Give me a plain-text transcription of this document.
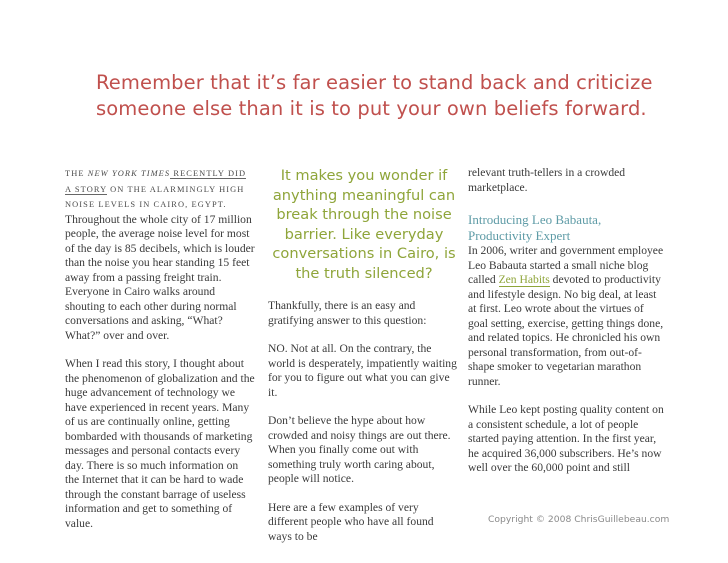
Remember that it’s far easier to stand back and criticize someone else than it is to put your own beliefs forward.

THE NEW YORK TIMES RECENTLY DID A STORY ON THE ALARMINGLY HIGH NOISE LEVELS IN CAIRO, EGYPT. Throughout the whole city of 17 million people, the average noise level for most of the day is 85 decibels, which is louder than the noise you hear standing 15 feet away from a passing freight train. Everyone in Cairo walks around shouting to each other during normal conversations and asking, “What? What?” over and over.

When I read this story, I thought about the phenomenon of globalization and the huge advancement of technology we have experienced in recent years. Many of us are continually online, getting bombarded with thousands of marketing messages and personal contacts every day. There is so much information on the Internet that it can be hard to wade through the constant barrage of useless information and get to something of value.

It makes you wonder if anything meaningful can break through the noise barrier. Like everyday conversations in Cairo, is the truth silenced?

Thankfully, there is an easy and gratifying answer to this question:

NO. Not at all. On the contrary, the world is desperately, impatiently waiting for you to figure out what you can give it.

Don’t believe the hype about how crowded and noisy things are out there. When you finally come out with something truly worth caring about, people will notice.

Here are a few examples of very different people who have all found ways to be

relevant truth-tellers in a crowded marketplace.

Introducing Leo Babauta, Productivity Expert

In 2006, writer and government employee Leo Babauta started a small niche blog called Zen Habits devoted to productivity and lifestyle design. No big deal, at least at first. Leo wrote about the virtues of goal setting, exercise, getting things done, and related topics. He chronicled his own personal transformation, from out-of-shape smoker to vegetarian marathon runner.

While Leo kept posting quality content on a consistent schedule, a lot of people started paying attention. In the first year, he acquired 36,000 subscribers. He’s now well over the 60,000 point and still

Copyright © 2008 ChrisGuillebeau.com
